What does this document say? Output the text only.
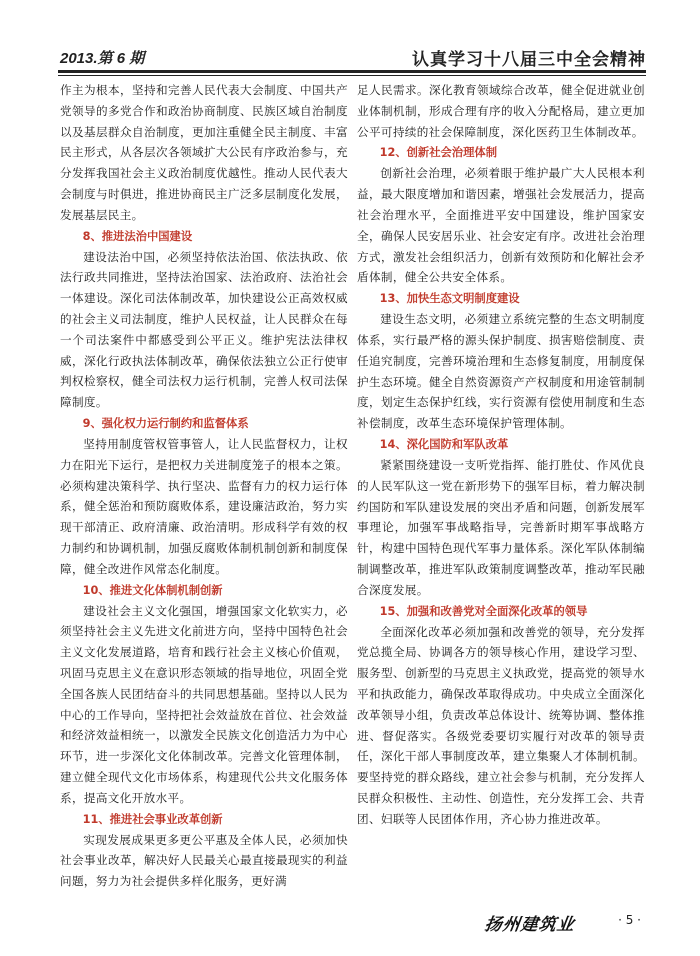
2013.第 6 期	认真学习十八届三中全会精神

作主为根本，坚持和完善人民代表大会制度、中国共产党领导的多党合作和政治协商制度、民族区域自治制度以及基层群众自治制度，更加注重健全民主制度、丰富民主形式，从各层次各领域扩大公民有序政治参与，充分发挥我国社会主义政治制度优越性。推动人民代表大会制度与时俱进，推进协商民主广泛多层制度化发展，发展基层民主。

8、推进法治中国建设

建设法治中国，必须坚持依法治国、依法执政、依法行政共同推进，坚持法治国家、法治政府、法治社会一体建设。深化司法体制改革，加快建设公正高效权威的社会主义司法制度，维护人民权益，让人民群众在每一个司法案件中都感受到公平正义。维护宪法法律权威，深化行政执法体制改革，确保依法独立公正行使审判权检察权，健全司法权力运行机制，完善人权司法保障制度。

9、强化权力运行制约和监督体系

坚持用制度管权管事管人，让人民监督权力，让权力在阳光下运行，是把权力关进制度笼子的根本之策。必须构建决策科学、执行坚决、监督有力的权力运行体系，健全惩治和预防腐败体系，建设廉洁政治，努力实现干部清正、政府清廉、政治清明。形成科学有效的权力制约和协调机制，加强反腐败体制机制创新和制度保障，健全改进作风常态化制度。

10、推进文化体制机制创新

建设社会主义文化强国，增强国家文化软实力，必须坚持社会主义先进文化前进方向，坚持中国特色社会主义文化发展道路，培育和践行社会主义核心价值观，巩固马克思主义在意识形态领域的指导地位，巩固全党全国各族人民团结奋斗的共同思想基础。坚持以人民为中心的工作导向，坚持把社会效益放在首位、社会效益和经济效益相统一，以激发全民族文化创造活力为中心环节，进一步深化文化体制改革。完善文化管理体制，建立健全现代文化市场体系，构建现代公共文化服务体系，提高文化开放水平。

11、推进社会事业改革创新

实现发展成果更多更公平惠及全体人民，必须加快社会事业改革，解决好人民最关心最直接最现实的利益问题，努力为社会提供多样化服务，更好满

足人民需求。深化教育领域综合改革，健全促进就业创业体制机制，形成合理有序的收入分配格局，建立更加公平可持续的社会保障制度，深化医药卫生体制改革。

12、创新社会治理体制

创新社会治理，必须着眼于维护最广大人民根本利益，最大限度增加和谐因素，增强社会发展活力，提高社会治理水平，全面推进平安中国建设，维护国家安全，确保人民安居乐业、社会安定有序。改进社会治理方式，激发社会组织活力，创新有效预防和化解社会矛盾体制，健全公共安全体系。

13、加快生态文明制度建设

建设生态文明，必须建立系统完整的生态文明制度体系，实行最严格的源头保护制度、损害赔偿制度、责任追究制度，完善环境治理和生态修复制度，用制度保护生态环境。健全自然资源资产产权制度和用途管制制度，划定生态保护红线，实行资源有偿使用制度和生态补偿制度，改革生态环境保护管理体制。

14、深化国防和军队改革

紧紧围绕建设一支听党指挥、能打胜仗、作风优良的人民军队这一党在新形势下的强军目标，着力解决制约国防和军队建设发展的突出矛盾和问题，创新发展军事理论，加强军事战略指导，完善新时期军事战略方针，构建中国特色现代军事力量体系。深化军队体制编制调整改革，推进军队政策制度调整改革，推动军民融合深度发展。

15、加强和改善党对全面深化改革的领导

全面深化改革必须加强和改善党的领导，充分发挥党总揽全局、协调各方的领导核心作用，建设学习型、服务型、创新型的马克思主义执政党，提高党的领导水平和执政能力，确保改革取得成功。中央成立全面深化改革领导小组，负责改革总体设计、统筹协调、整体推进、督促落实。各级党委要切实履行对改革的领导责任，深化干部人事制度改革，建立集聚人才体制机制。要坚持党的群众路线，建立社会参与机制，充分发挥人民群众积极性、主动性、创造性，充分发挥工会、共青团、妇联等人民团体作用，齐心协力推进改革。

扬州建筑业	· 5 ·
